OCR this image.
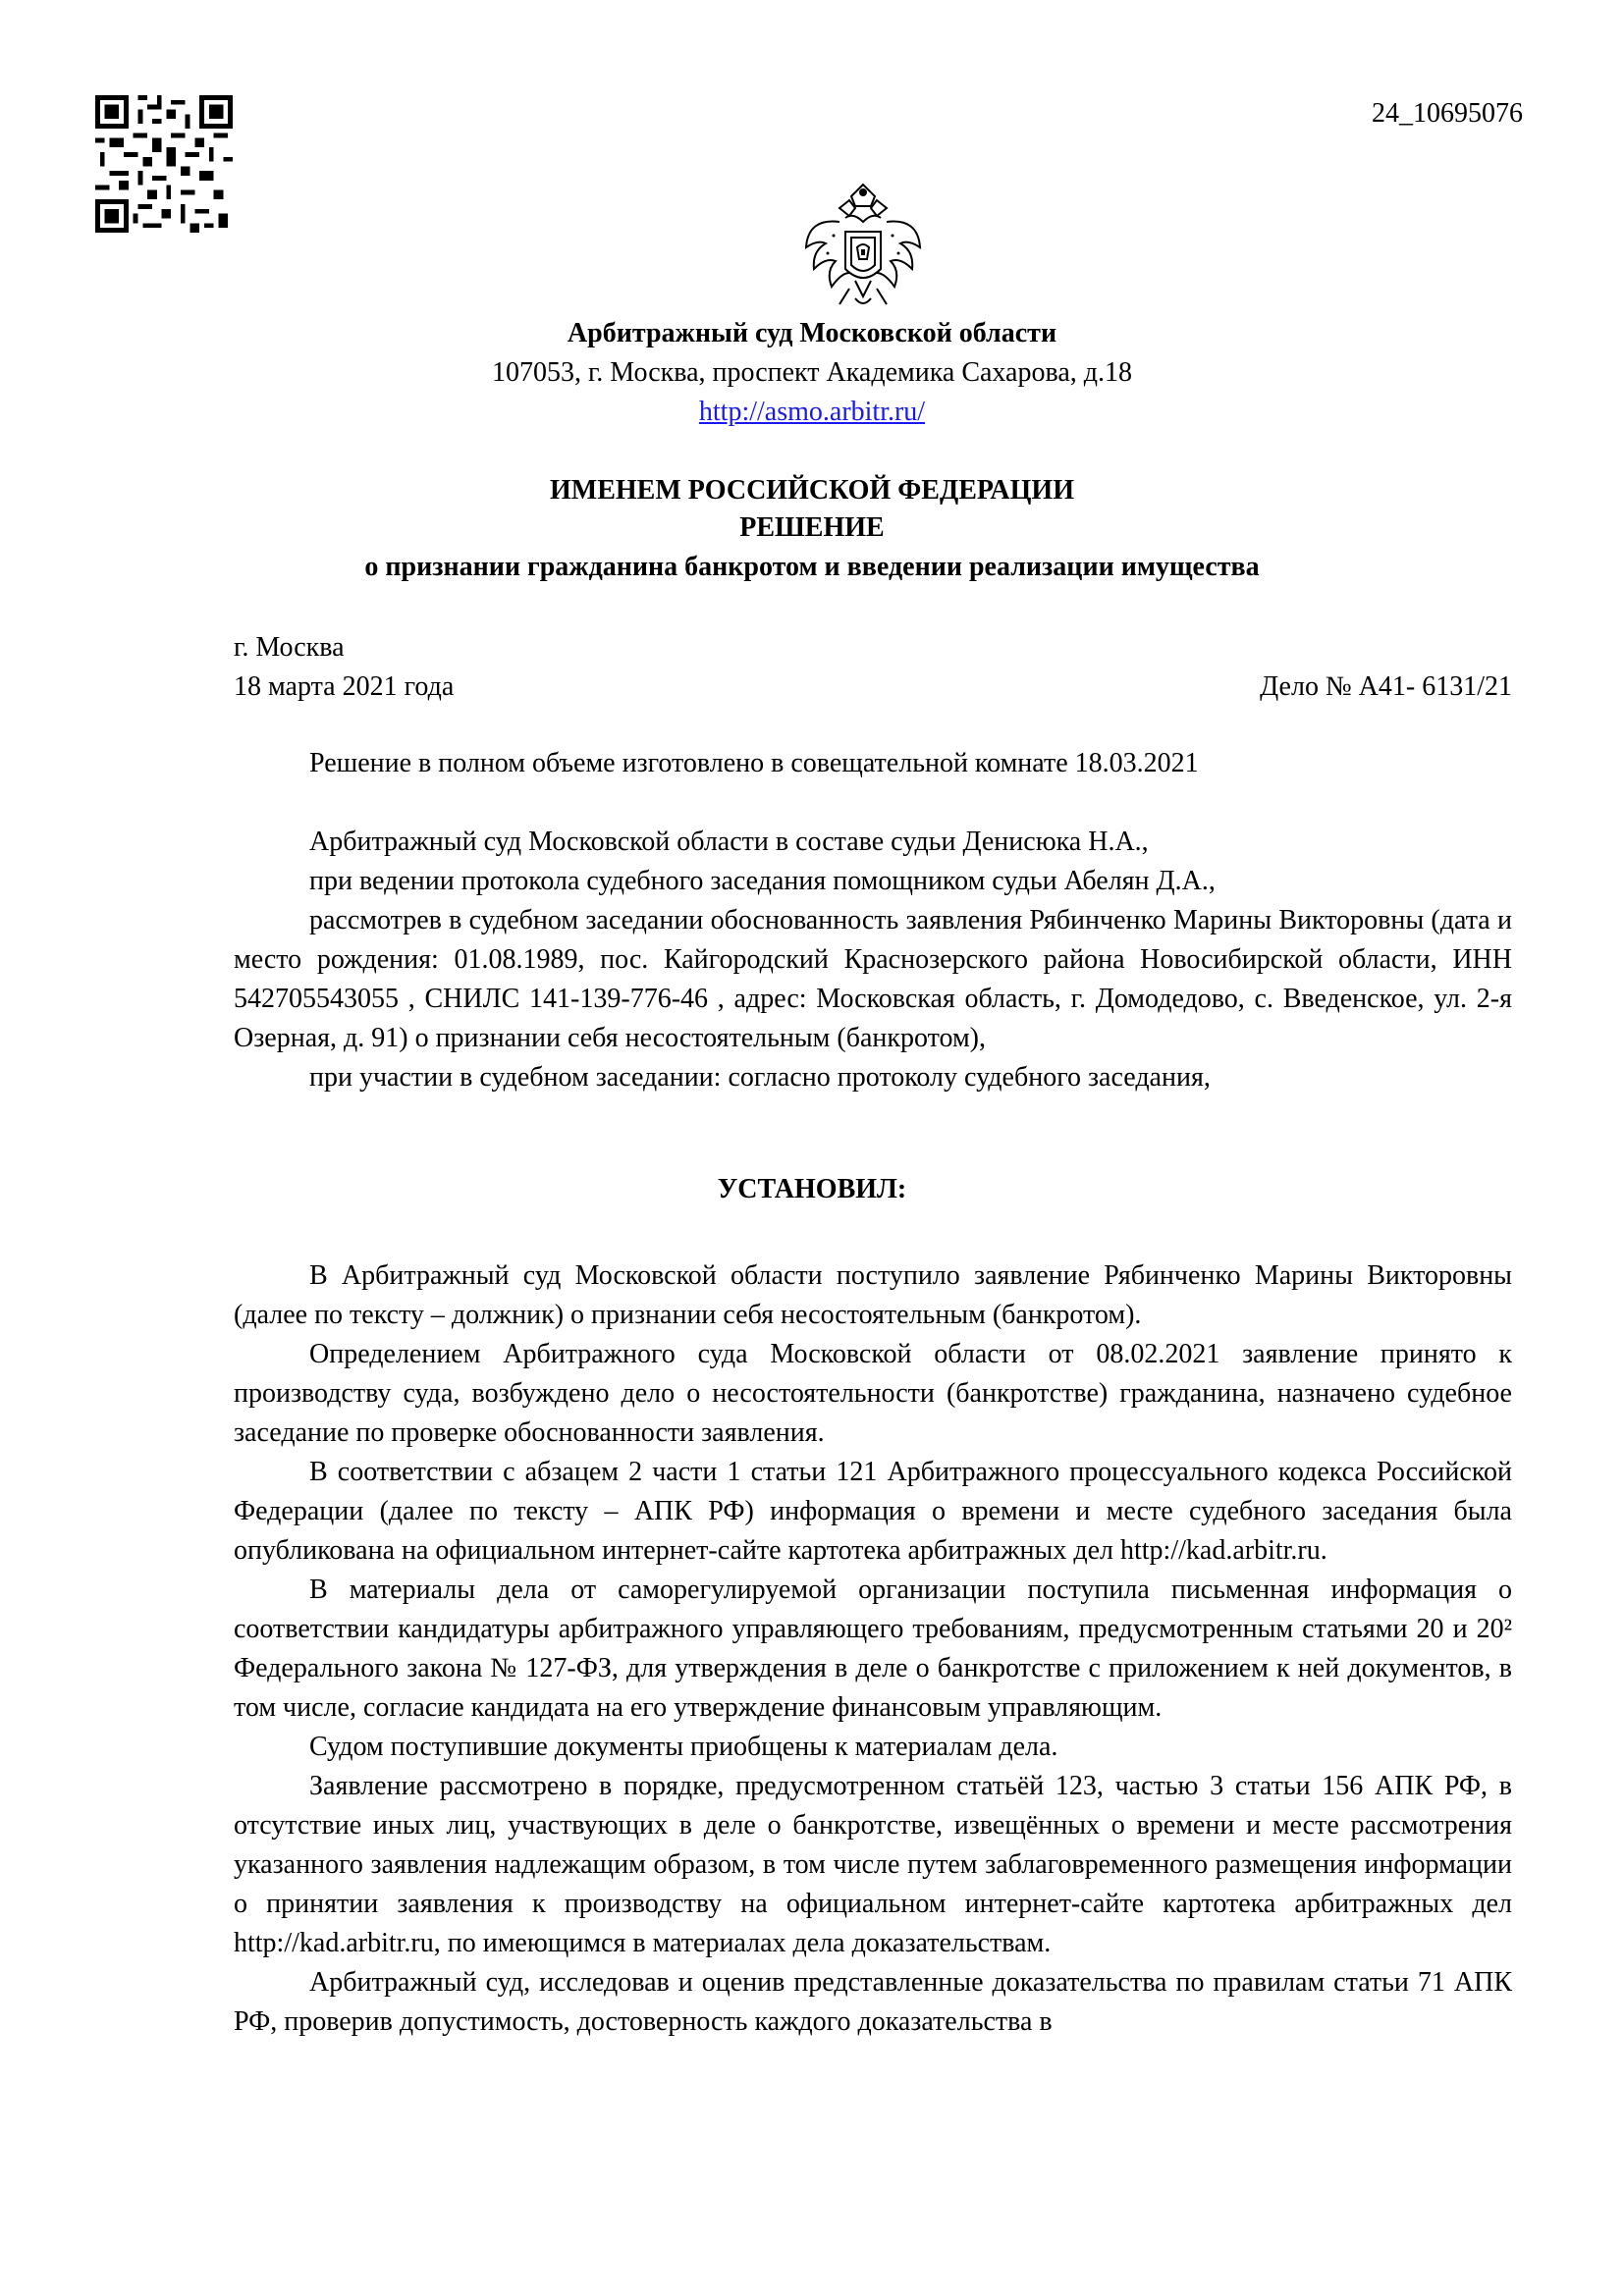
24_10695076
Арбитражный суд Московской области
107053, г. Москва, проспект Академика Сахарова, д.18
http://asmo.arbitr.ru/
ИМЕНЕМ РОССИЙСКОЙ ФЕДЕРАЦИИ
РЕШЕНИЕ
о признании гражданина банкротом и введении реализации имущества
г. Москва
18 марта 2021 года	Дело № А41- 6131/21

Решение в полном объеме изготовлено в совещательной комнате 18.03.2021

Арбитражный суд Московской области в составе судьи Денисюка Н.А.,

при ведении протокола судебного заседания помощником судьи Абелян Д.А.,

рассмотрев в судебном заседании обоснованность заявления Рябинченко Марины Викторовны (дата и место рождения: 01.08.1989, пос. Кайгородский Краснозерского района Новосибирской области, ИНН 542705543055 , СНИЛС 141-139-776-46 , адрес: Московская область, г. Домодедово, с. Введенское, ул. 2-я Озерная, д. 91) о признании себя несостоятельным (банкротом),

при участии в судебном заседании: согласно протоколу судебного заседания,

УСТАНОВИЛ:

В Арбитражный суд Московской области поступило заявление Рябинченко Марины Викторовны (далее по тексту – должник) о признании себя несостоятельным (банкротом).

Определением Арбитражного суда Московской области от 08.02.2021 заявление принято к производству суда, возбуждено дело о несостоятельности (банкротстве) гражданина, назначено судебное заседание по проверке обоснованности заявления.

В соответствии с абзацем 2 части 1 статьи 121 Арбитражного процессуального кодекса Российской Федерации (далее по тексту – АПК РФ) информация о времени и месте судебного заседания была опубликована на официальном интернет-сайте картотека арбитражных дел http://kad.arbitr.ru.

В материалы дела от саморегулируемой организации поступила письменная информация о соответствии кандидатуры арбитражного управляющего требованиям, предусмотренным статьями 20 и 20² Федерального закона № 127-ФЗ, для утверждения в деле о банкротстве с приложением к ней документов, в том числе, согласие кандидата на его утверждение финансовым управляющим.

Судом поступившие документы приобщены к материалам дела.

Заявление рассмотрено в порядке, предусмотренном статьёй 123, частью 3 статьи 156 АПК РФ, в отсутствие иных лиц, участвующих в деле о банкротстве, извещённых о времени и месте рассмотрения указанного заявления надлежащим образом, в том числе путем заблаговременного размещения информации о принятии заявления к производству на официальном интернет-сайте картотека арбитражных дел http://kad.arbitr.ru, по имеющимся в материалах дела доказательствам.

Арбитражный суд, исследовав и оценив представленные доказательства по правилам статьи 71 АПК РФ, проверив допустимость, достоверность каждого доказательства в
